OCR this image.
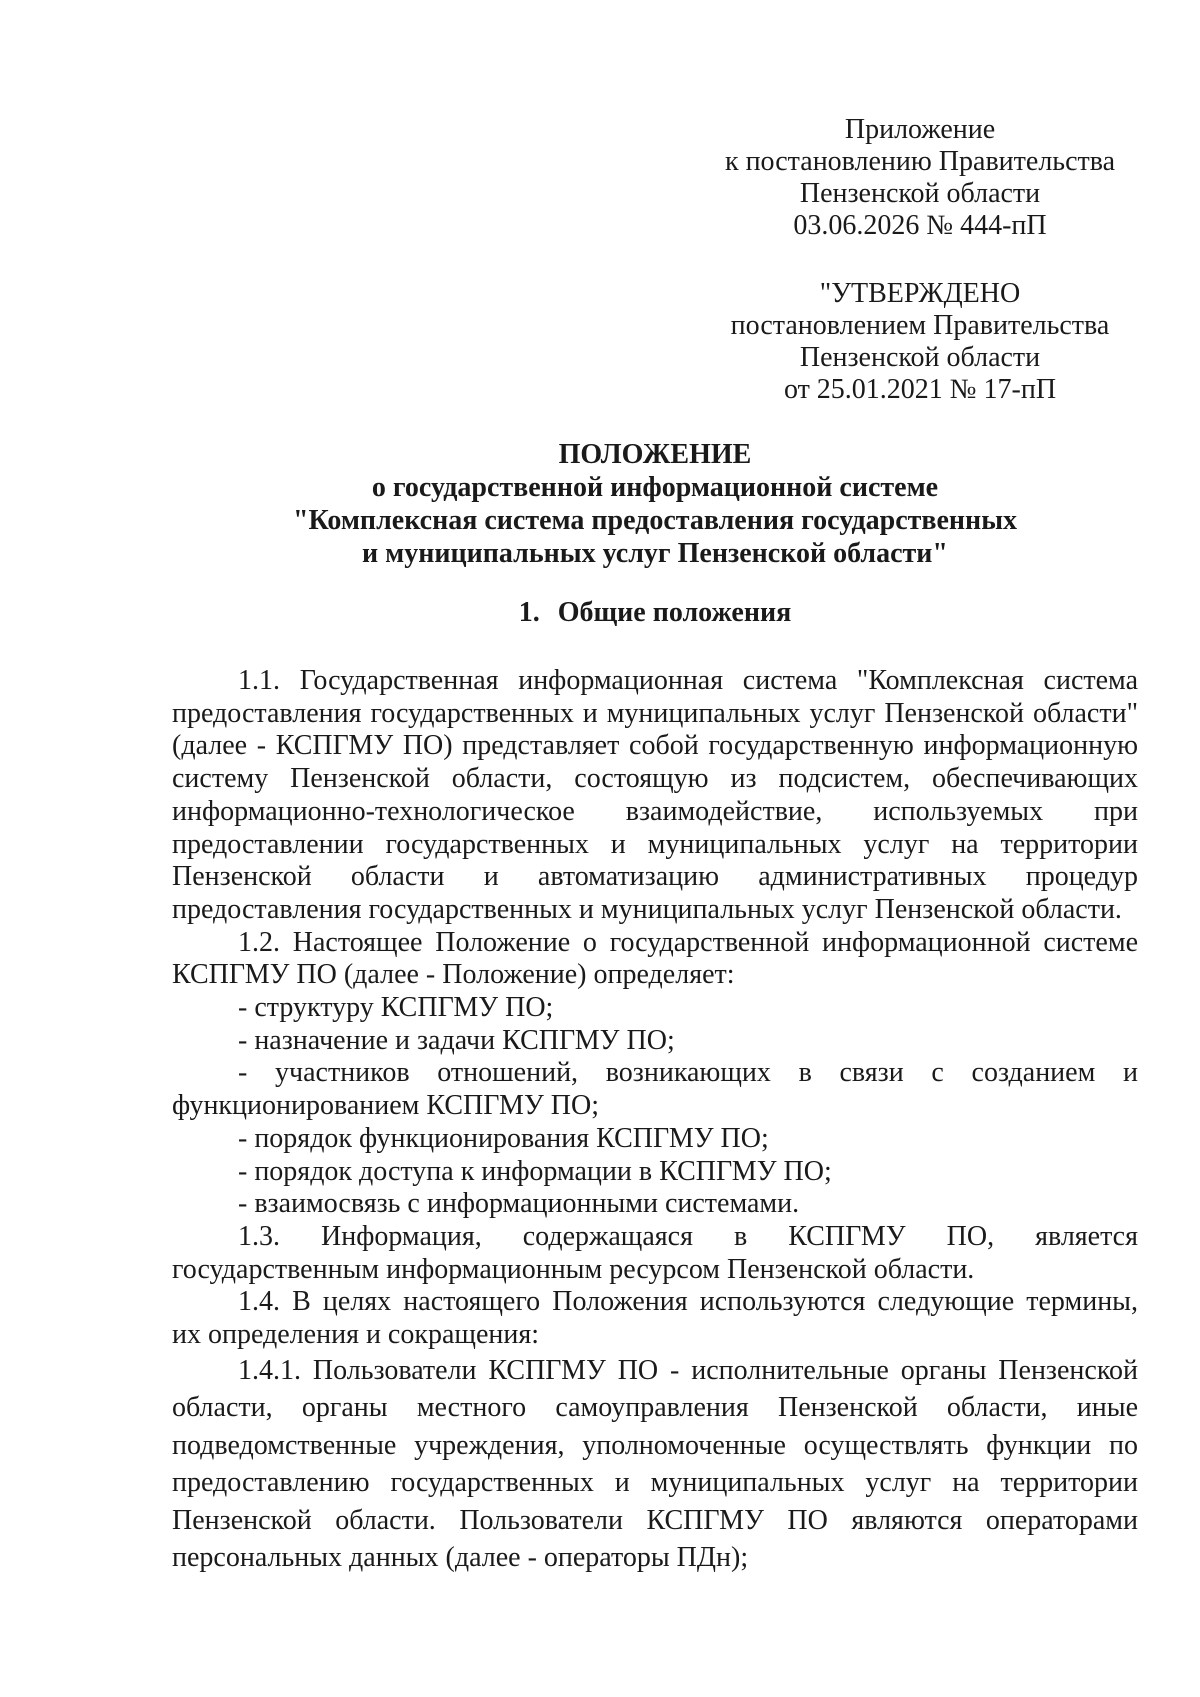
Приложение
к постановлению Правительства
Пензенской области
03.06.2026 № 444-пП
"УТВЕРЖДЕНО
постановлением Правительства
Пензенской области
от 25.01.2021 № 17-пП
ПОЛОЖЕНИЕ
о государственной информационной системе
"Комплексная система предоставления государственных
и муниципальных услуг Пензенской области"
1. Общие положения

1.1. Государственная информационная система "Комплексная система предоставления государственных и муниципальных услуг Пензенской области" (далее - КСПГМУ ПО) представляет собой государственную информационную систему Пензенской области, состоящую из подсистем, обеспечивающих информационно-технологическое взаимодействие, используемых при предоставлении государственных и муниципальных услуг на территории Пензенской области и автоматизацию административных процедур предоставления государственных и муниципальных услуг Пензенской области.

1.2. Настоящее Положение о государственной информационной системе КСПГМУ ПО (далее - Положение) определяет:

- структуру КСПГМУ ПО;

- назначение и задачи КСПГМУ ПО;

- участников отношений, возникающих в связи с созданием и функционированием КСПГМУ ПО;

- порядок функционирования КСПГМУ ПО;

- порядок доступа к информации в КСПГМУ ПО;

- взаимосвязь с информационными системами.

1.3. Информация, содержащаяся в КСПГМУ ПО, является государственным информационным ресурсом Пензенской области.

1.4. В целях настоящего Положения используются следующие термины, их определения и сокращения:

1.4.1. Пользователи КСПГМУ ПО - исполнительные органы Пензенской области, органы местного самоуправления Пензенской области, иные подведомственные учреждения, уполномоченные осуществлять функции по предоставлению государственных и муниципальных услуг на территории Пензенской области. Пользователи КСПГМУ ПО являются операторами персональных данных (далее - операторы ПДн);
